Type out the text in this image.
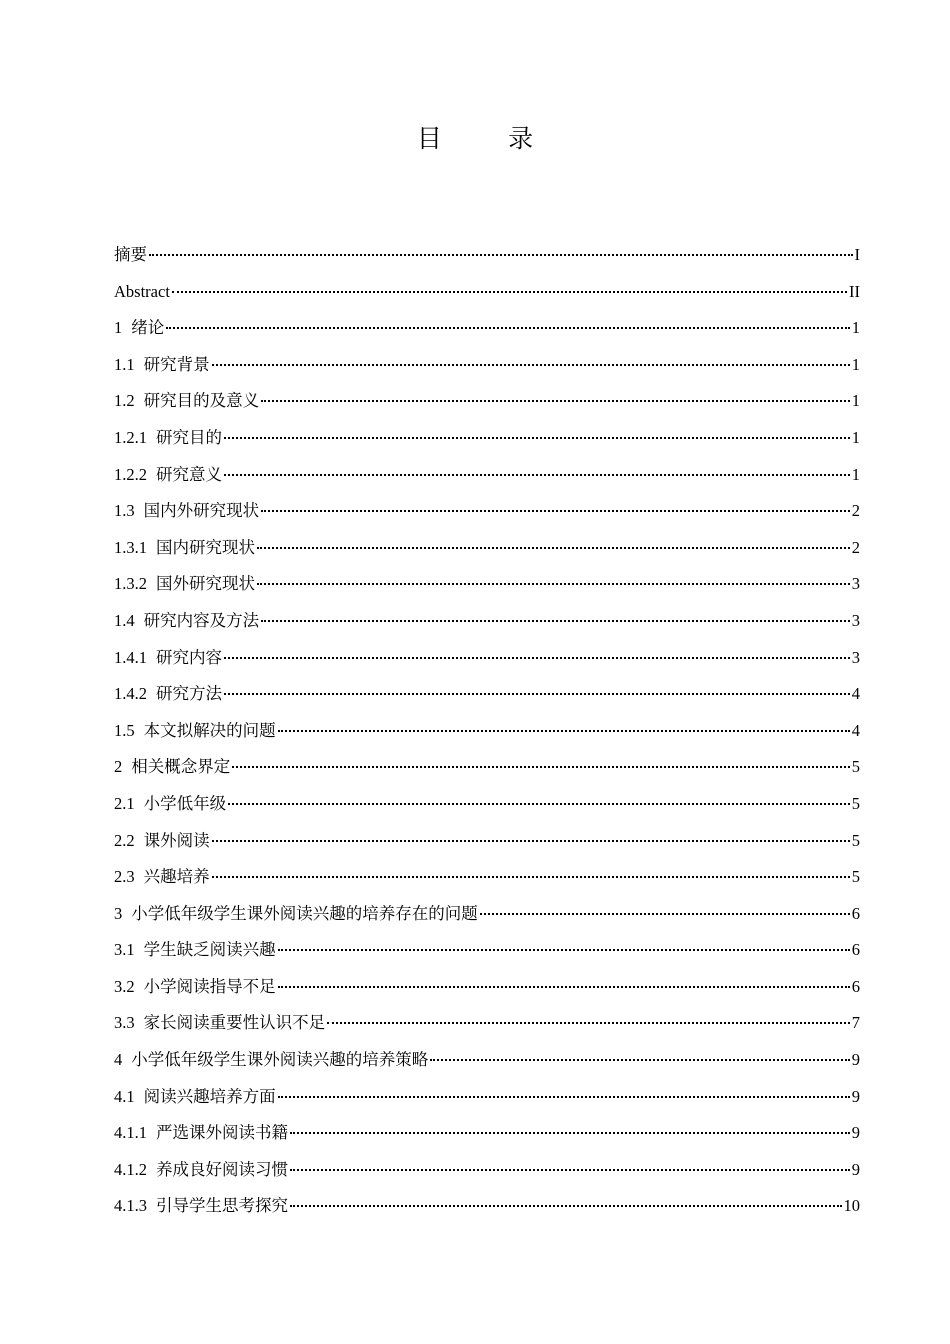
目 录
摘要	I
Abstract	II
1 绪论	1
1.1 研究背景	1
1.2 研究目的及意义	1
1.2.1 研究目的	1
1.2.2 研究意义	1
1.3 国内外研究现状	2
1.3.1 国内研究现状	2
1.3.2 国外研究现状	3
1.4 研究内容及方法	3
1.4.1 研究内容	3
1.4.2 研究方法	4
1.5 本文拟解决的问题	4
2 相关概念界定	5
2.1 小学低年级	5
2.2 课外阅读	5
2.3 兴趣培养	5
3 小学低年级学生课外阅读兴趣的培养存在的问题	6
3.1 学生缺乏阅读兴趣	6
3.2 小学阅读指导不足	6
3.3 家长阅读重要性认识不足	7
4 小学低年级学生课外阅读兴趣的培养策略	9
4.1 阅读兴趣培养方面	9
4.1.1 严选课外阅读书籍	9
4.1.2 养成良好阅读习惯	9
4.1.3 引导学生思考探究	10
